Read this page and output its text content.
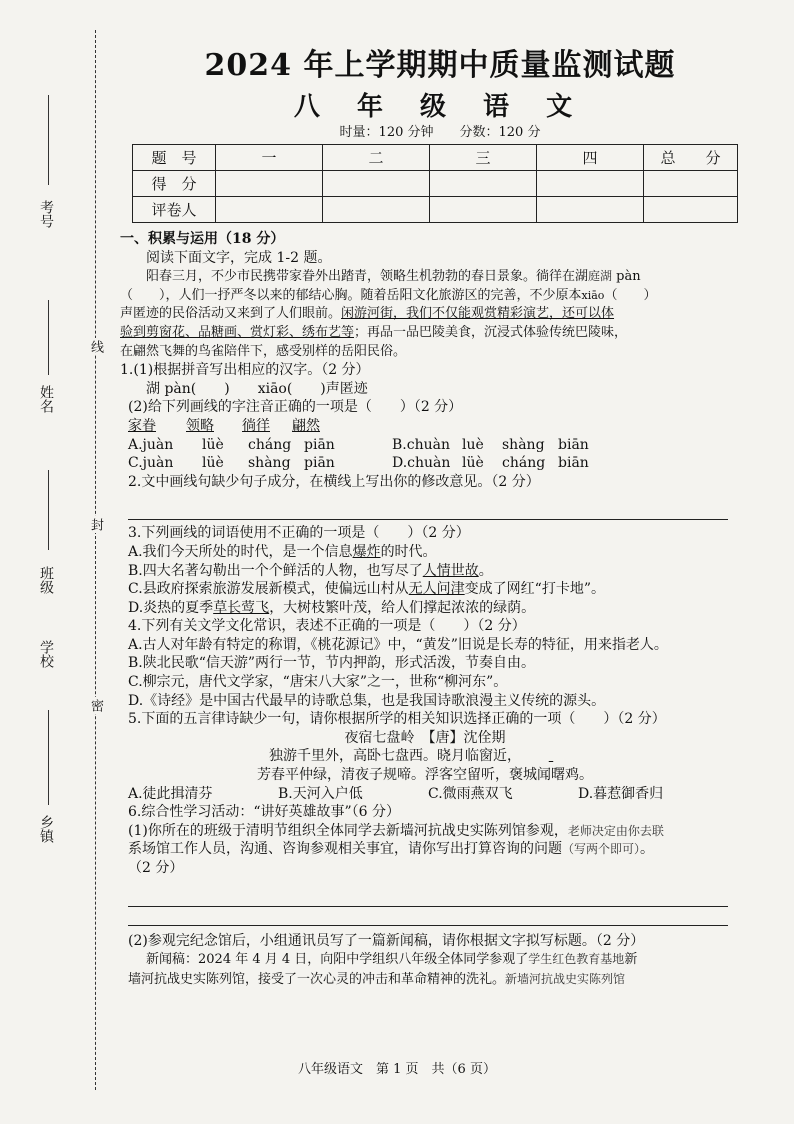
考号
姓名
班级
学校
乡镇
线
封
密
2024 年上学期期中质量监测试题
八 年 级 语 文
时量：120 分钟　　分数：120 分
题　号	一	二	三	四	总　　分
得　分					
评卷人					

一、积累与运用（18 分）

阅读下面文字，完成 1-2 题。

阳春三月，不少市民携带家眷外出踏青，领略生机勃勃的春日景象。徜徉在湖庭湖 pàn

（　　），人们一抒严冬以来的郁结心胸。随着岳阳文化旅游区的完善，不少原本xiāo（　　）

声匿迹的民俗活动又来到了人们眼前。闲游河街，我们不仅能观赏精彩演艺，还可以体

验到剪窗花、品糖画、赏灯彩、绣布艺等；再品一品巴陵美食，沉浸式体验传统巴陵味，

在翩然飞舞的鸟雀陪伴下，感受别样的岳阳民俗。

1.(1)根据拼音写出相应的汉字。（2 分）

湖 pàn(　　)　　xiāo(　　)声匿迹

(2)给下列画线的字注音正确的一项是（　　）（2 分）

家眷	领略	徜徉	翩然

A.juàn	lüè	cháng piān	B.chuàn luè	shàng biān

C.juàn	lüè	shàng piān	D.chuàn lüè	cháng biān

2.文中画线句缺少句子成分，在横线上写出你的修改意见。（2 分）

3.下列画线的词语使用不正确的一项是（　　）（2 分）

A.我们今天所处的时代，是一个信息爆炸的时代。

B.四大名著勾勒出一个个鲜活的人物，也写尽了人情世故。

C.县政府探索旅游发展新模式，使偏远山村从无人问津变成了网红“打卡地”。

D.炎热的夏季草长莺飞，大树枝繁叶茂，给人们撑起浓浓的绿荫。

4.下列有关文学文化常识，表述不正确的一项是（　　）（2 分）

A.古人对年龄有特定的称谓，《桃花源记》中，“黄发”旧说是长寿的特征，用来指老人。

B.陕北民歌“信天游”两行一节，节内押韵，形式活泼，节奏自由。

C.柳宗元，唐代文学家，“唐宋八大家”之一，世称“柳河东”。

D.《诗经》是中国古代最早的诗歌总集，也是我国诗歌浪漫主义传统的源头。

5.下面的五言律诗缺少一句，请你根据所学的相关知识选择正确的一项（　　）（2 分）

夜宿七盘岭　【唐】沈佺期

独游千里外，高卧七盘西。晓月临窗近，

芳春平仲绿，清夜子规啼。浮客空留听，褒城闻曙鸡。

A.徒此揖清芬	B.天河入户低	C.微雨燕双飞	D.暮惹御香归

6.综合性学习活动：“讲好英雄故事”（6 分）

(1)你所在的班级于清明节组织全体同学去新墙河抗战史实陈列馆参观，老师决定由你去联

系场馆工作人员，沟通、咨询参观相关事宜，请你写出打算咨询的问题（写两个即可）。

（2 分）

(2)参观完纪念馆后，小组通讯员写了一篇新闻稿，请你根据文字拟写标题。（2 分）

新闻稿：2024 年 4 月 4 日，向阳中学组织八年级全体同学参观了学生红色教育基地新

墙河抗战史实陈列馆，接受了一次心灵的冲击和革命精神的洗礼。新墙河抗战史实陈列馆

八年级语文　第 1 页　共（6 页）
